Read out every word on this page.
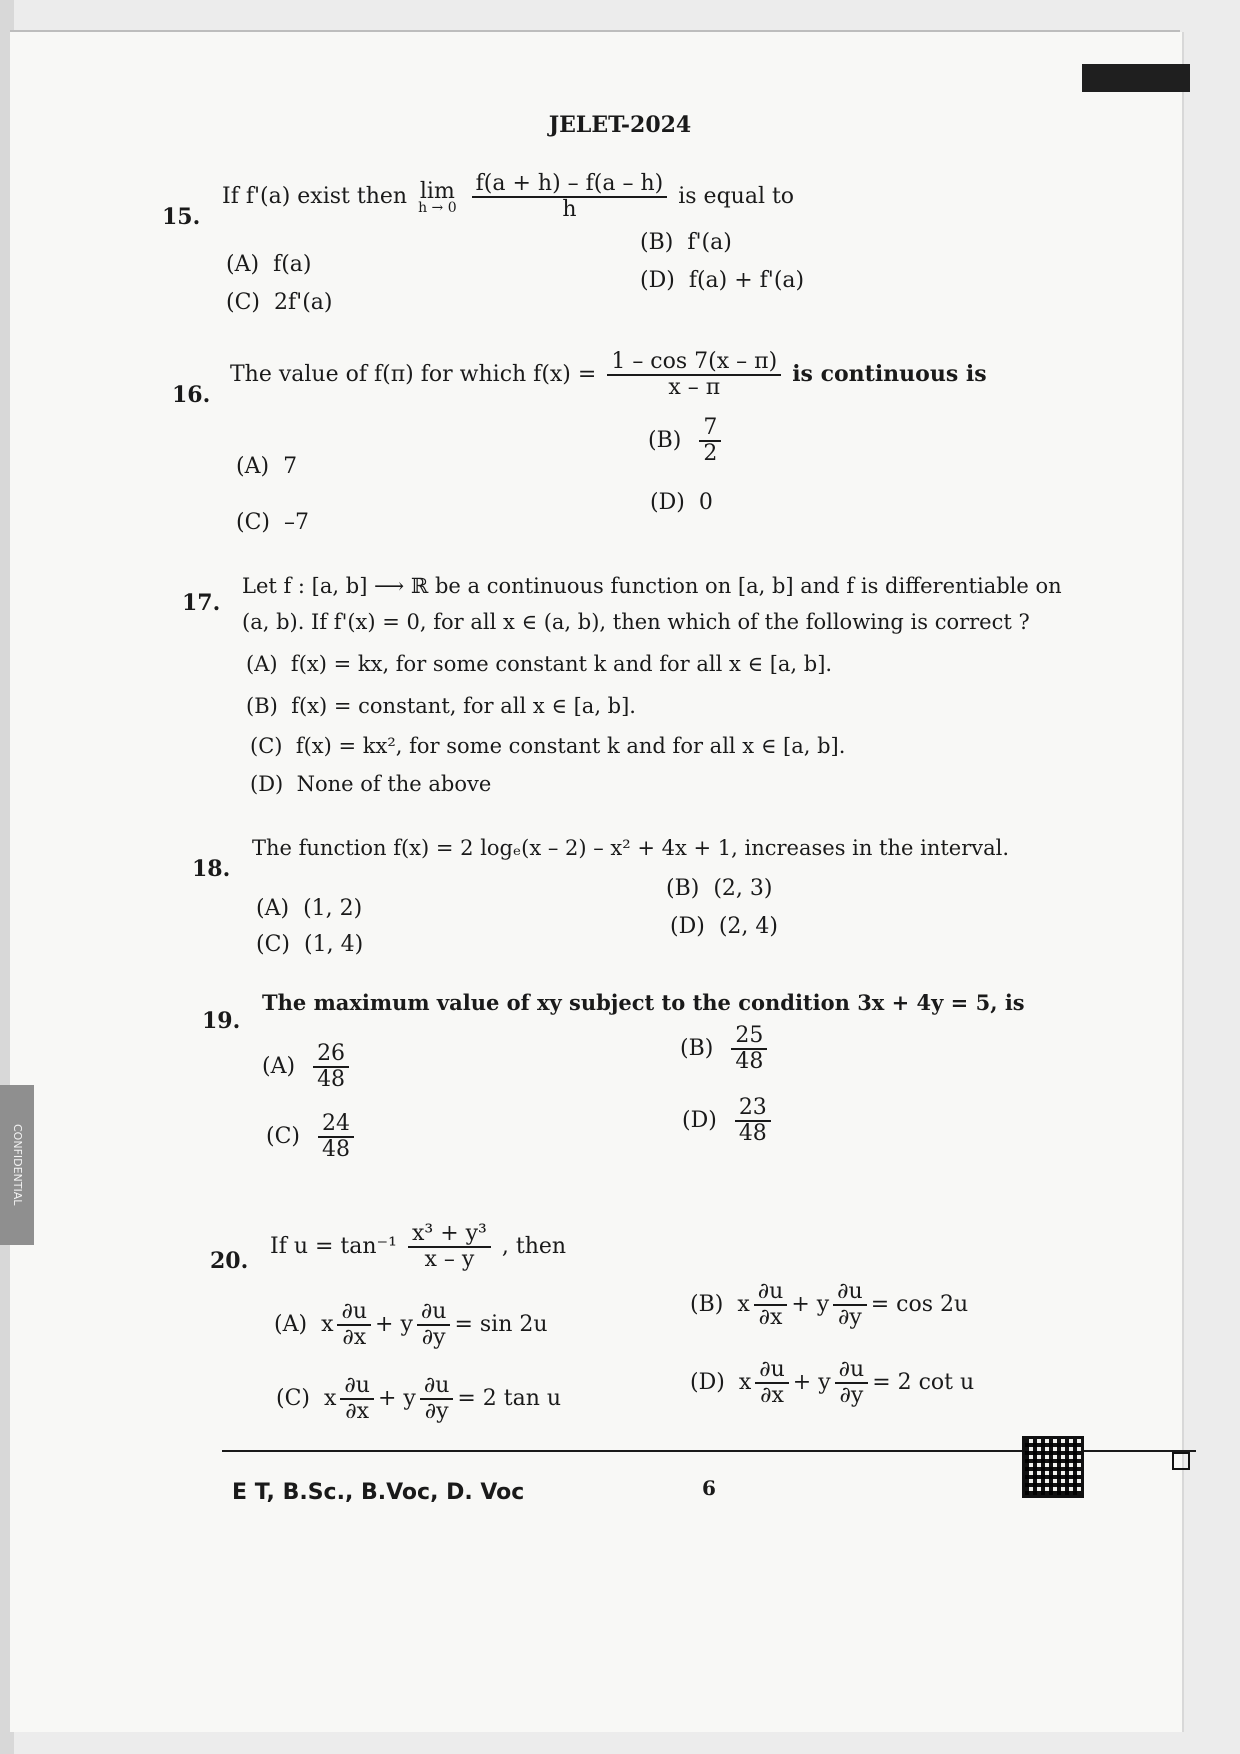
CONFIDENTIAL
JELET-2024
15.
If f'(a) exist then lim
h → 0
$\frac{f(a + h) - f(a - h)}{h}$ is equal to
(A) f(a)
(B) f'(a)
(C) 2f'(a)
(D) f(a) + f'(a)
16.
The value of f(π) for which $f(x) = \frac{1 - \cos 7(x - \pi)}{x - \pi}$ is continuous is
(A) 7
$(B) \frac{7}{2}$
(C) –7
(D) 0
17.
Let f : [a, b] ⟶ ℝ be a continuous function on [a, b] and f is differentiable on
(a, b). If f'(x) = 0, for all x ∈ (a, b), then which of the following is correct ?
(A) f(x) = kx, for some constant k and for all x ∈ [a, b].
(B) f(x) = constant, for all x ∈ [a, b].
(C) f(x) = kx², for some constant k and for all x ∈ [a, b].
(D) None of the above
18.
The function f(x) = 2 logₑ(x – 2) – x² + 4x + 1, increases in the interval.
(A) (1, 2)
(B) (2, 3)
(C) (1, 4)
(D) (2, 4)
19.
The maximum value of xy subject to the condition 3x + 4y = 5, is
$(A) \frac{26}{48}$	$(B) \frac{25}{48}$
$(C) \frac{24}{48}$	$(D) \frac{23}{48}$
20.
If $u = \tan^{-1} \frac{\text{x³ + y³}}{x - y}$ , then
(A) x $\frac{\partial u}{\partial x} + y \frac{\partial u}{\partial y} = \sin 2u$
(B) x $\frac{\partial u}{\partial x} + y \frac{\partial u}{\partial y} = \cos 2u$
(C) x $\frac{\partial u}{\partial x} + y \frac{\partial u}{\partial y} = 2$ tan u
(D) x $\frac{\partial u}{\partial x} + y \frac{\partial u}{\partial y} = 2$ cot u
E T, B.Sc., B.Voc, D. Voc	6
